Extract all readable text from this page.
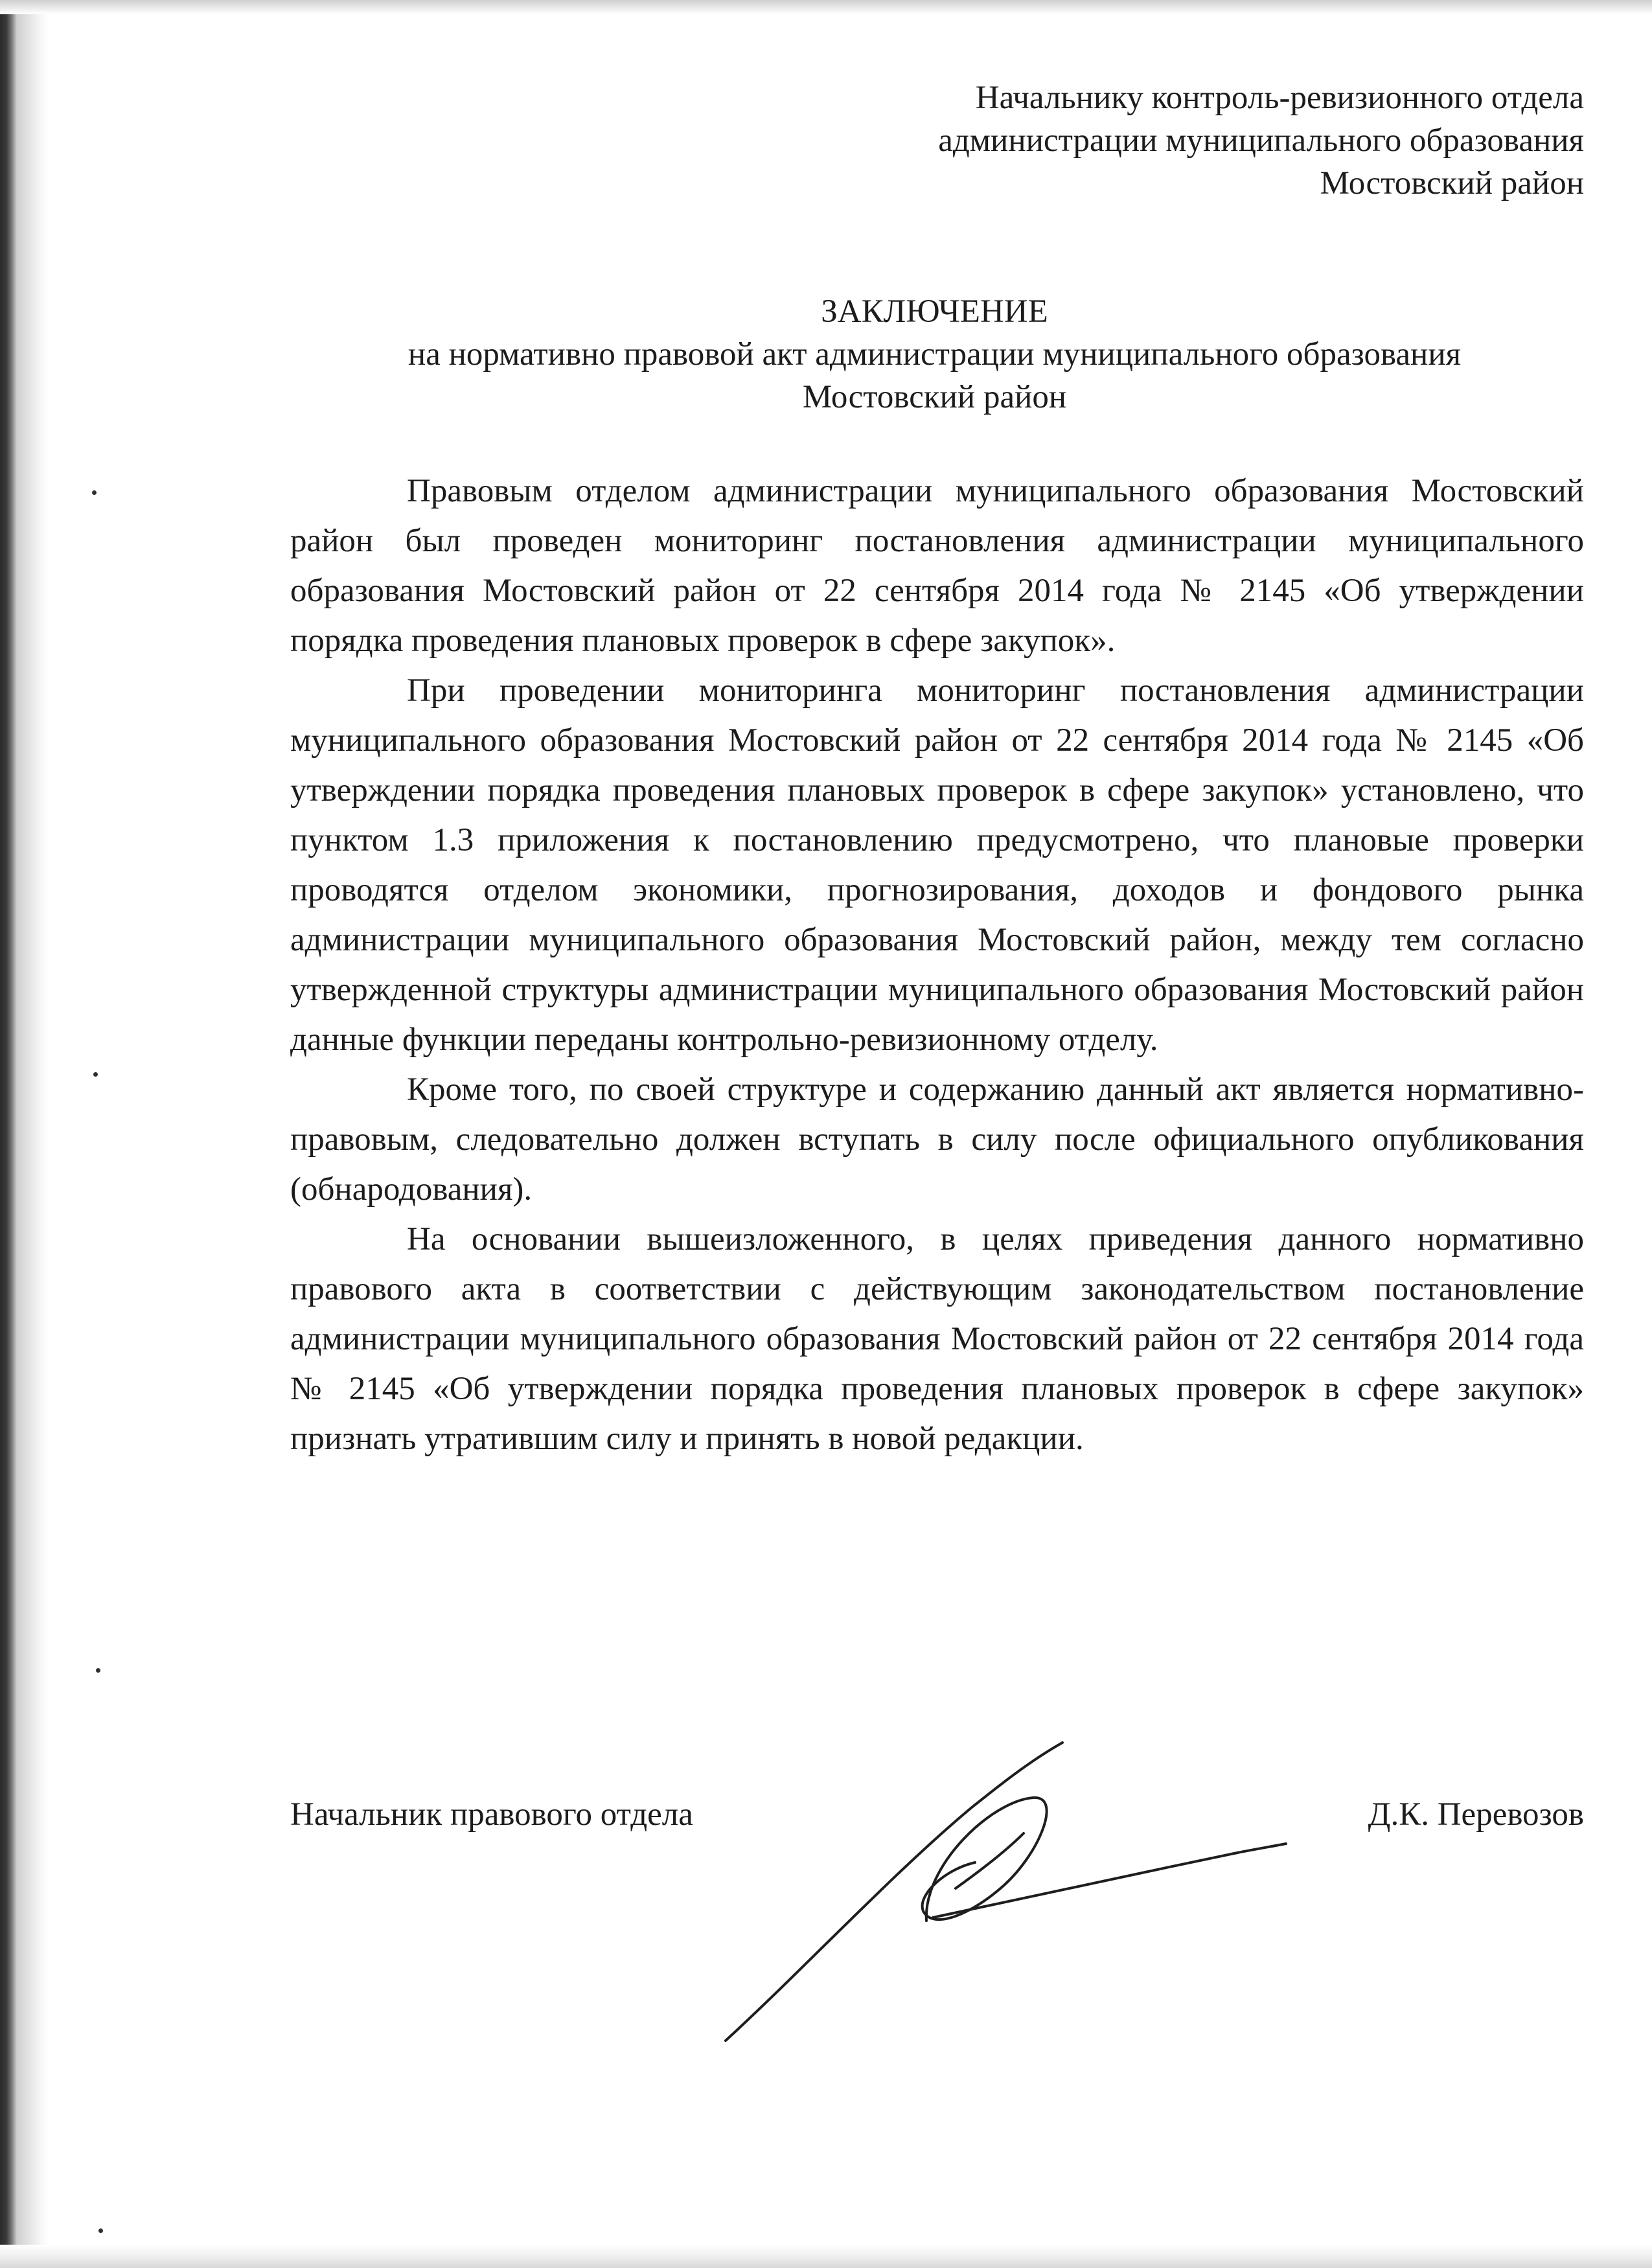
Начальнику контроль-ревизионного отдела
администрации муниципального образования
Мостовский район
ЗАКЛЮЧЕНИЕ
на нормативно правовой акт администрации муниципального образования
Мостовский район

Правовым отделом администрации муниципального образования Мостовский район был проведен мониторинг постановления администрации муниципального образования Мостовский район от 22 сентября 2014 года № 2145 «Об утверждении порядка проведения плановых проверок в сфере закупок».

При проведении мониторинга мониторинг постановления администрации муниципального образования Мостовский район от 22 сентября 2014 года № 2145 «Об утверждении порядка проведения плановых проверок в сфере закупок» установлено, что пунктом 1.3 приложения к постановлению предусмотрено, что плановые проверки проводятся отделом экономики, прогнозирования, доходов и фондового рынка администрации муниципального образования Мостовский район, между тем согласно утвержденной структуры администрации муниципального образования Мостовский район данные функции переданы контрольно-ревизионному отделу.

Кроме того, по своей структуре и содержанию данный акт является нормативно-правовым, следовательно должен вступать в силу после официального опубликования (обнародования).

На основании вышеизложенного, в целях приведения данного нормативно правового акта в соответствии с действующим законодательством постановление администрации муниципального образования Мостовский район от 22 сентября 2014 года № 2145 «Об утверждении порядка проведения плановых проверок в сфере закупок» признать утратившим силу и принять в новой редакции.

Начальник правового отдела	Д.К. Перевозов
